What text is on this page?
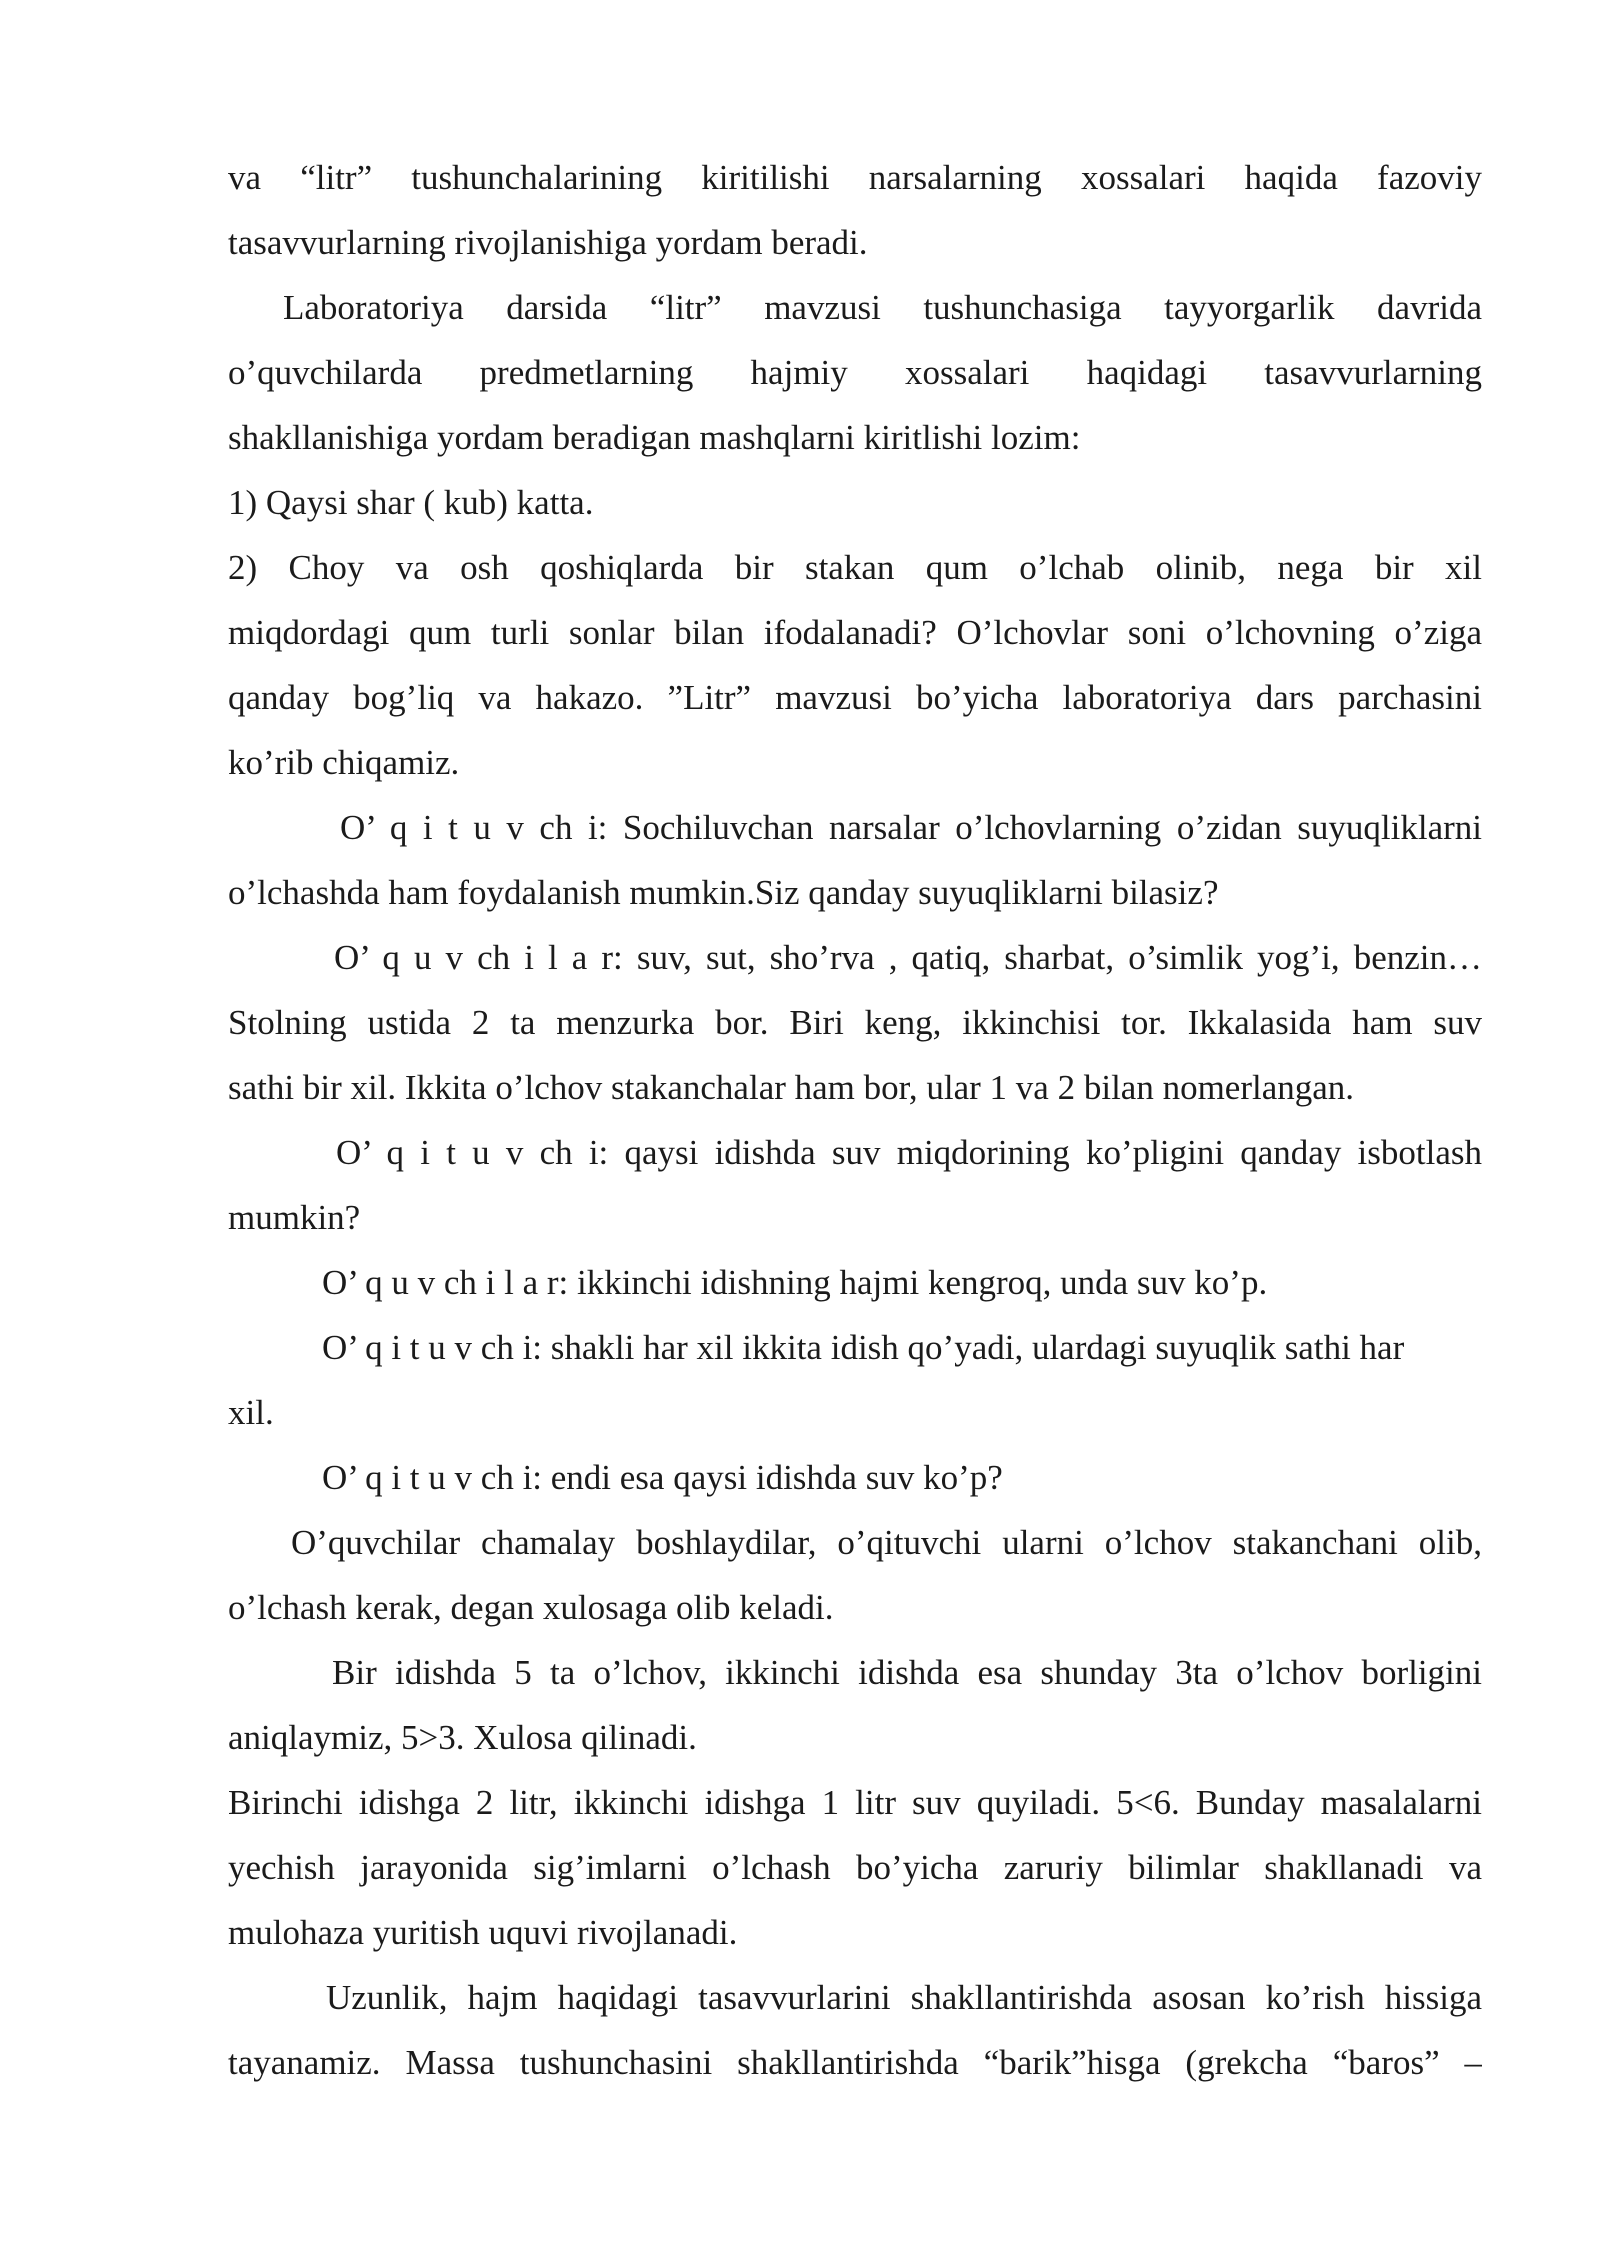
va “litr” tushunchalarining kiritilishi narsalarning xossalari haqida fazoviy
tasavvurlarning rivojlanishiga yordam beradi.
Laboratoriya darsida “litr” mavzusi tushunchasiga tayyorgarlik davrida
o’quvchilarda predmetlarning hajmiy xossalari haqidagi tasavvurlarning
shakllanishiga yordam beradigan mashqlarni kiritlishi lozim:
1) Qaysi shar ( kub) katta.
2) Choy va osh qoshiqlarda bir stakan qum o’lchab olinib, nega bir xil
miqdordagi qum turli sonlar bilan ifodalanadi? O’lchovlar soni o’lchovning o’ziga
qanday bog’liq va hakazo. ”Litr” mavzusi bo’yicha laboratoriya dars parchasini
ko’rib chiqamiz.
O’ q i t u v ch i: Sochiluvchan narsalar o’lchovlarning o’zidan suyuqliklarni
o’lchashda ham foydalanish mumkin.Siz qanday suyuqliklarni bilasiz?
O’ q u v ch i l a r: suv, sut, sho’rva , qatiq, sharbat, o’simlik yog’i, benzin…
Stolning ustida 2 ta menzurka bor. Biri keng, ikkinchisi tor. Ikkalasida ham suv
sathi bir xil. Ikkita o’lchov stakanchalar ham bor, ular 1 va 2 bilan nomerlangan.
O’ q i t u v ch i: qaysi idishda suv miqdorining ko’pligini qanday isbotlash
mumkin?
O’ q u v ch i l a r: ikkinchi idishning hajmi kengroq, unda suv ko’p.
O’ q i t u v ch i: shakli har xil ikkita idish qo’yadi, ulardagi suyuqlik sathi har
xil.
O’ q i t u v ch i: endi esa qaysi idishda suv ko’p?
O’quvchilar chamalay boshlaydilar, o’qituvchi ularni o’lchov stakanchani olib,
o’lchash kerak, degan xulosaga olib keladi.
Bir idishda 5 ta o’lchov, ikkinchi idishda esa shunday 3ta o’lchov borligini
aniqlaymiz, 5>3. Xulosa qilinadi.
Birinchi idishga 2 litr, ikkinchi idishga 1 litr suv quyiladi. 5<6. Bunday masalalarni
yechish jarayonida sig’imlarni o’lchash bo’yicha zaruriy bilimlar shakllanadi va
mulohaza yuritish uquvi rivojlanadi.
Uzunlik, hajm haqidagi tasavvurlarini shakllantirishda asosan ko’rish hissiga
tayanamiz. Massa tushunchasini shakllantirishda “barik”hisga (grekcha “baros” –
